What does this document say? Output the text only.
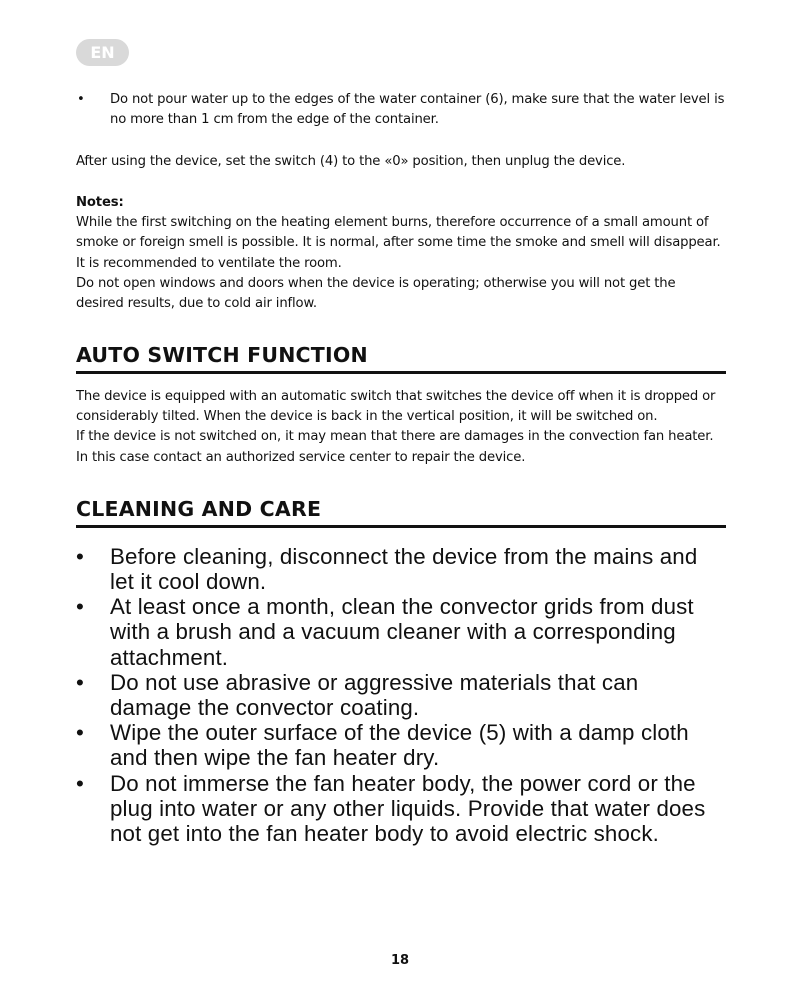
EN
• Do not pour water up to the edges of the water container (6), make sure that the water level is no more than 1 cm from the edge of the container.

After using the device, set the switch (4) to the «0» position, then unplug the device.

Notes:

While the first switching on the heating element burns, therefore occurrence of a small amount of smoke or foreign smell is possible. It is normal, after some time the smoke and smell will disappear. It is recommended to ventilate the room.

Do not open windows and doors when the device is operating; otherwise you will not get the desired results, due to cold air inflow.

AUTO SWITCH FUNCTION

The device is equipped with an automatic switch that switches the device off when it is dropped or considerably tilted. When the device is back in the vertical position, it will be switched on.

If the device is not switched on, it may mean that there are damages in the convection fan heater. In this case contact an authorized service center to repair the device.

CLEANING AND CARE
• Before cleaning, disconnect the device from the mains and let it cool down.
• At least once a month, clean the convector grids from dust with a brush and a vacuum cleaner with a corresponding attachment.
• Do not use abrasive or aggressive materials that can damage the convector coating.
• Wipe the outer surface of the device (5) with a damp cloth and then wipe the fan heater dry.
• Do not immerse the fan heater body, the power cord or the plug into water or any other liquids. Provide that water does not get into the fan heater body to avoid electric shock.
18
